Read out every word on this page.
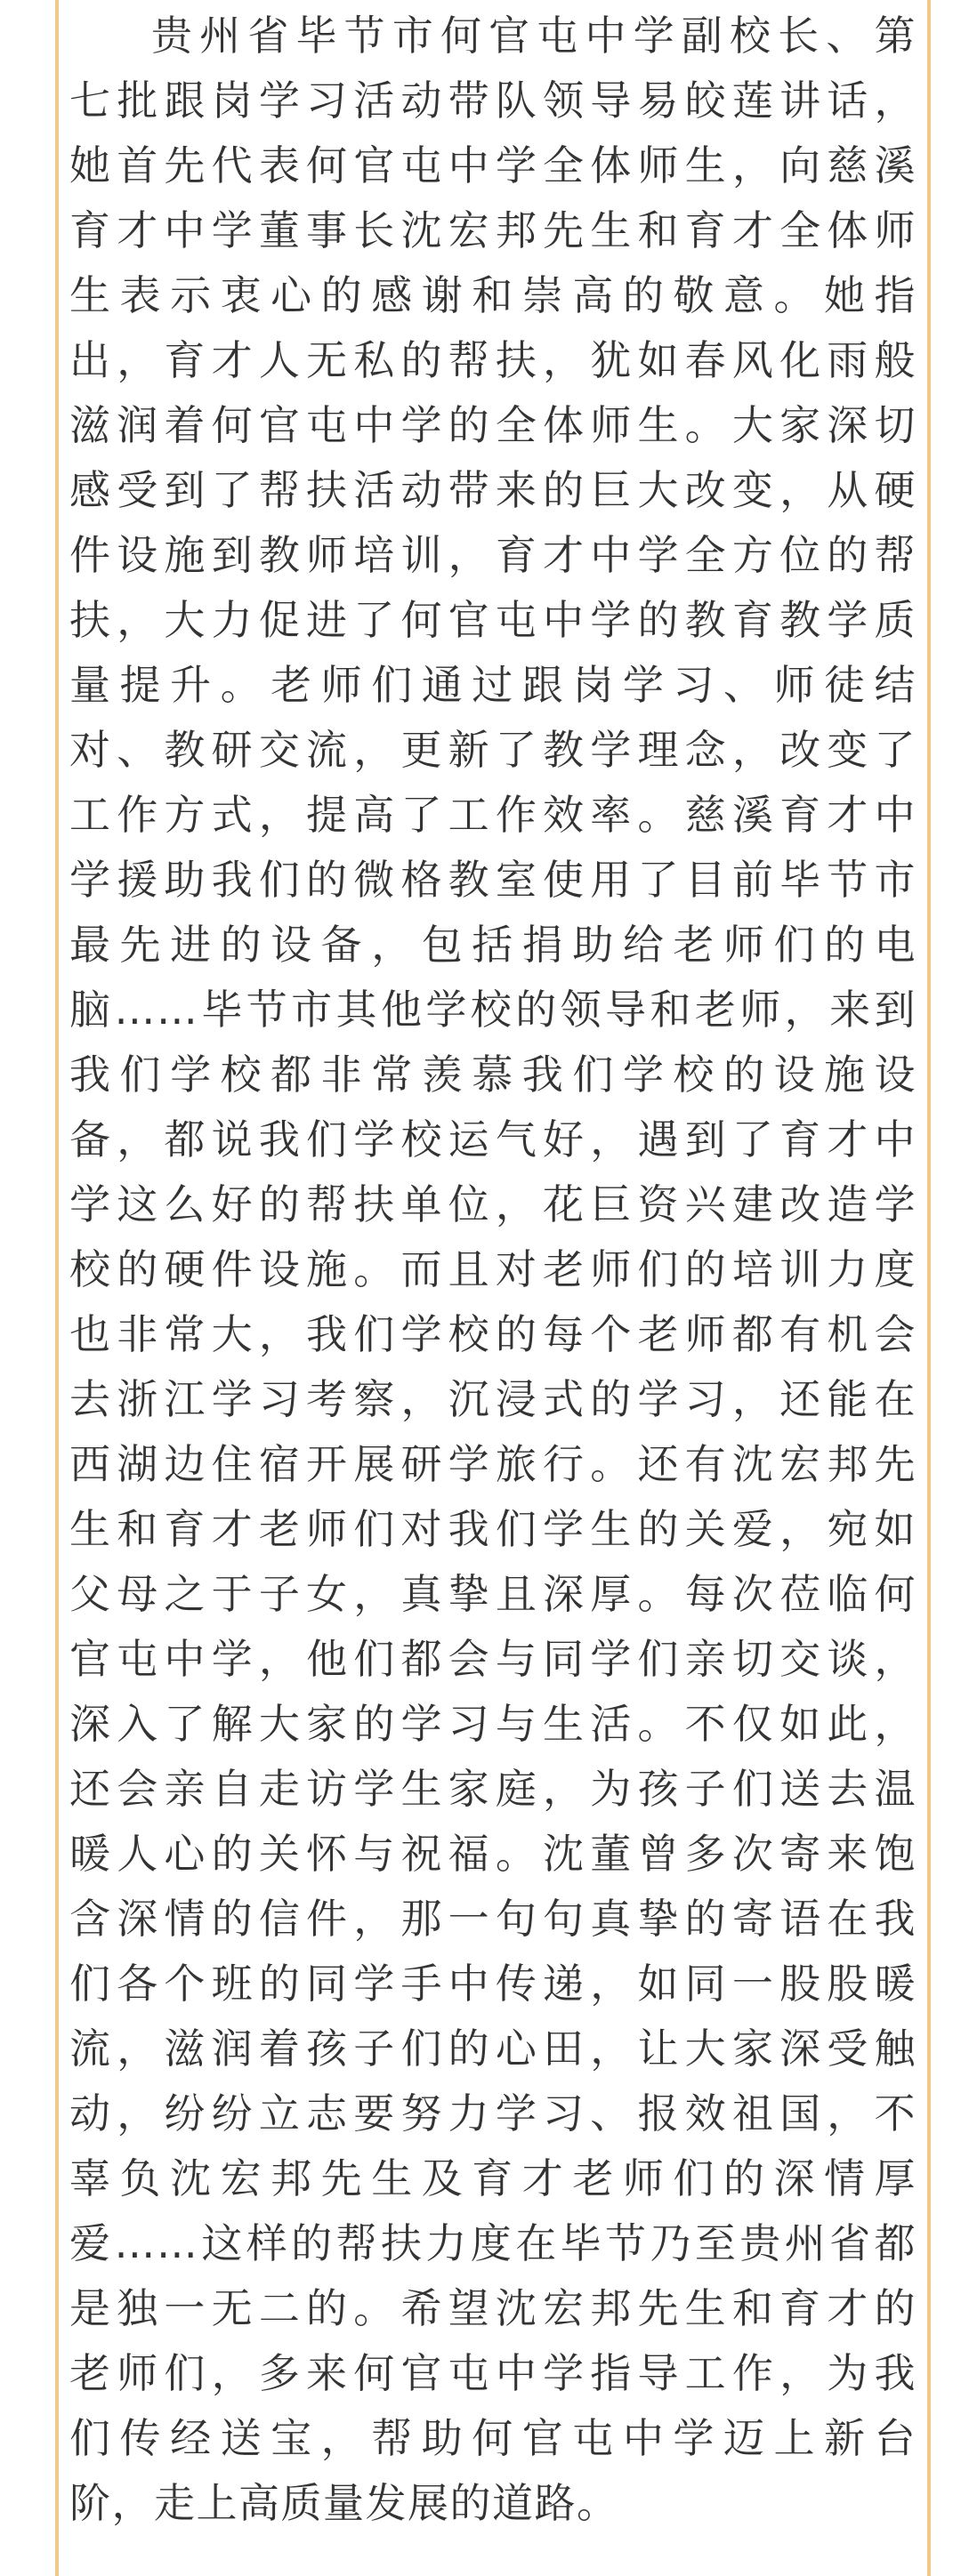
贵州省毕节市何官屯中学副校长、第
七批跟岗学习活动带队领导易皎莲讲话，
她首先代表何官屯中学全体师生，向慈溪
育才中学董事长沈宏邦先生和育才全体师
生表示衷心的感谢和崇高的敬意。她指
出，育才人无私的帮扶，犹如春风化雨般
滋润着何官屯中学的全体师生。大家深切
感受到了帮扶活动带来的巨大改变，从硬
件设施到教师培训，育才中学全方位的帮
扶，大力促进了何官屯中学的教育教学质
量提升。老师们通过跟岗学习、师徒结
对、教研交流，更新了教学理念，改变了
工作方式，提高了工作效率。慈溪育才中
学援助我们的微格教室使用了目前毕节市
最先进的设备，包括捐助给老师们的电
脑……毕节市其他学校的领导和老师，来到
我们学校都非常羡慕我们学校的设施设
备，都说我们学校运气好，遇到了育才中
学这么好的帮扶单位，花巨资兴建改造学
校的硬件设施。而且对老师们的培训力度
也非常大，我们学校的每个老师都有机会
去浙江学习考察，沉浸式的学习，还能在
西湖边住宿开展研学旅行。还有沈宏邦先
生和育才老师们对我们学生的关爱，宛如
父母之于子女，真挚且深厚。每次莅临何
官屯中学，他们都会与同学们亲切交谈，
深入了解大家的学习与生活。不仅如此，
还会亲自走访学生家庭，为孩子们送去温
暖人心的关怀与祝福。沈董曾多次寄来饱
含深情的信件，那一句句真挚的寄语在我
们各个班的同学手中传递，如同一股股暖
流，滋润着孩子们的心田，让大家深受触
动，纷纷立志要努力学习、报效祖国，不
辜负沈宏邦先生及育才老师们的深情厚
爱……这样的帮扶力度在毕节乃至贵州省都
是独一无二的。希望沈宏邦先生和育才的
老师们，多来何官屯中学指导工作，为我
们传经送宝，帮助何官屯中学迈上新台
阶，走上高质量发展的道路。
